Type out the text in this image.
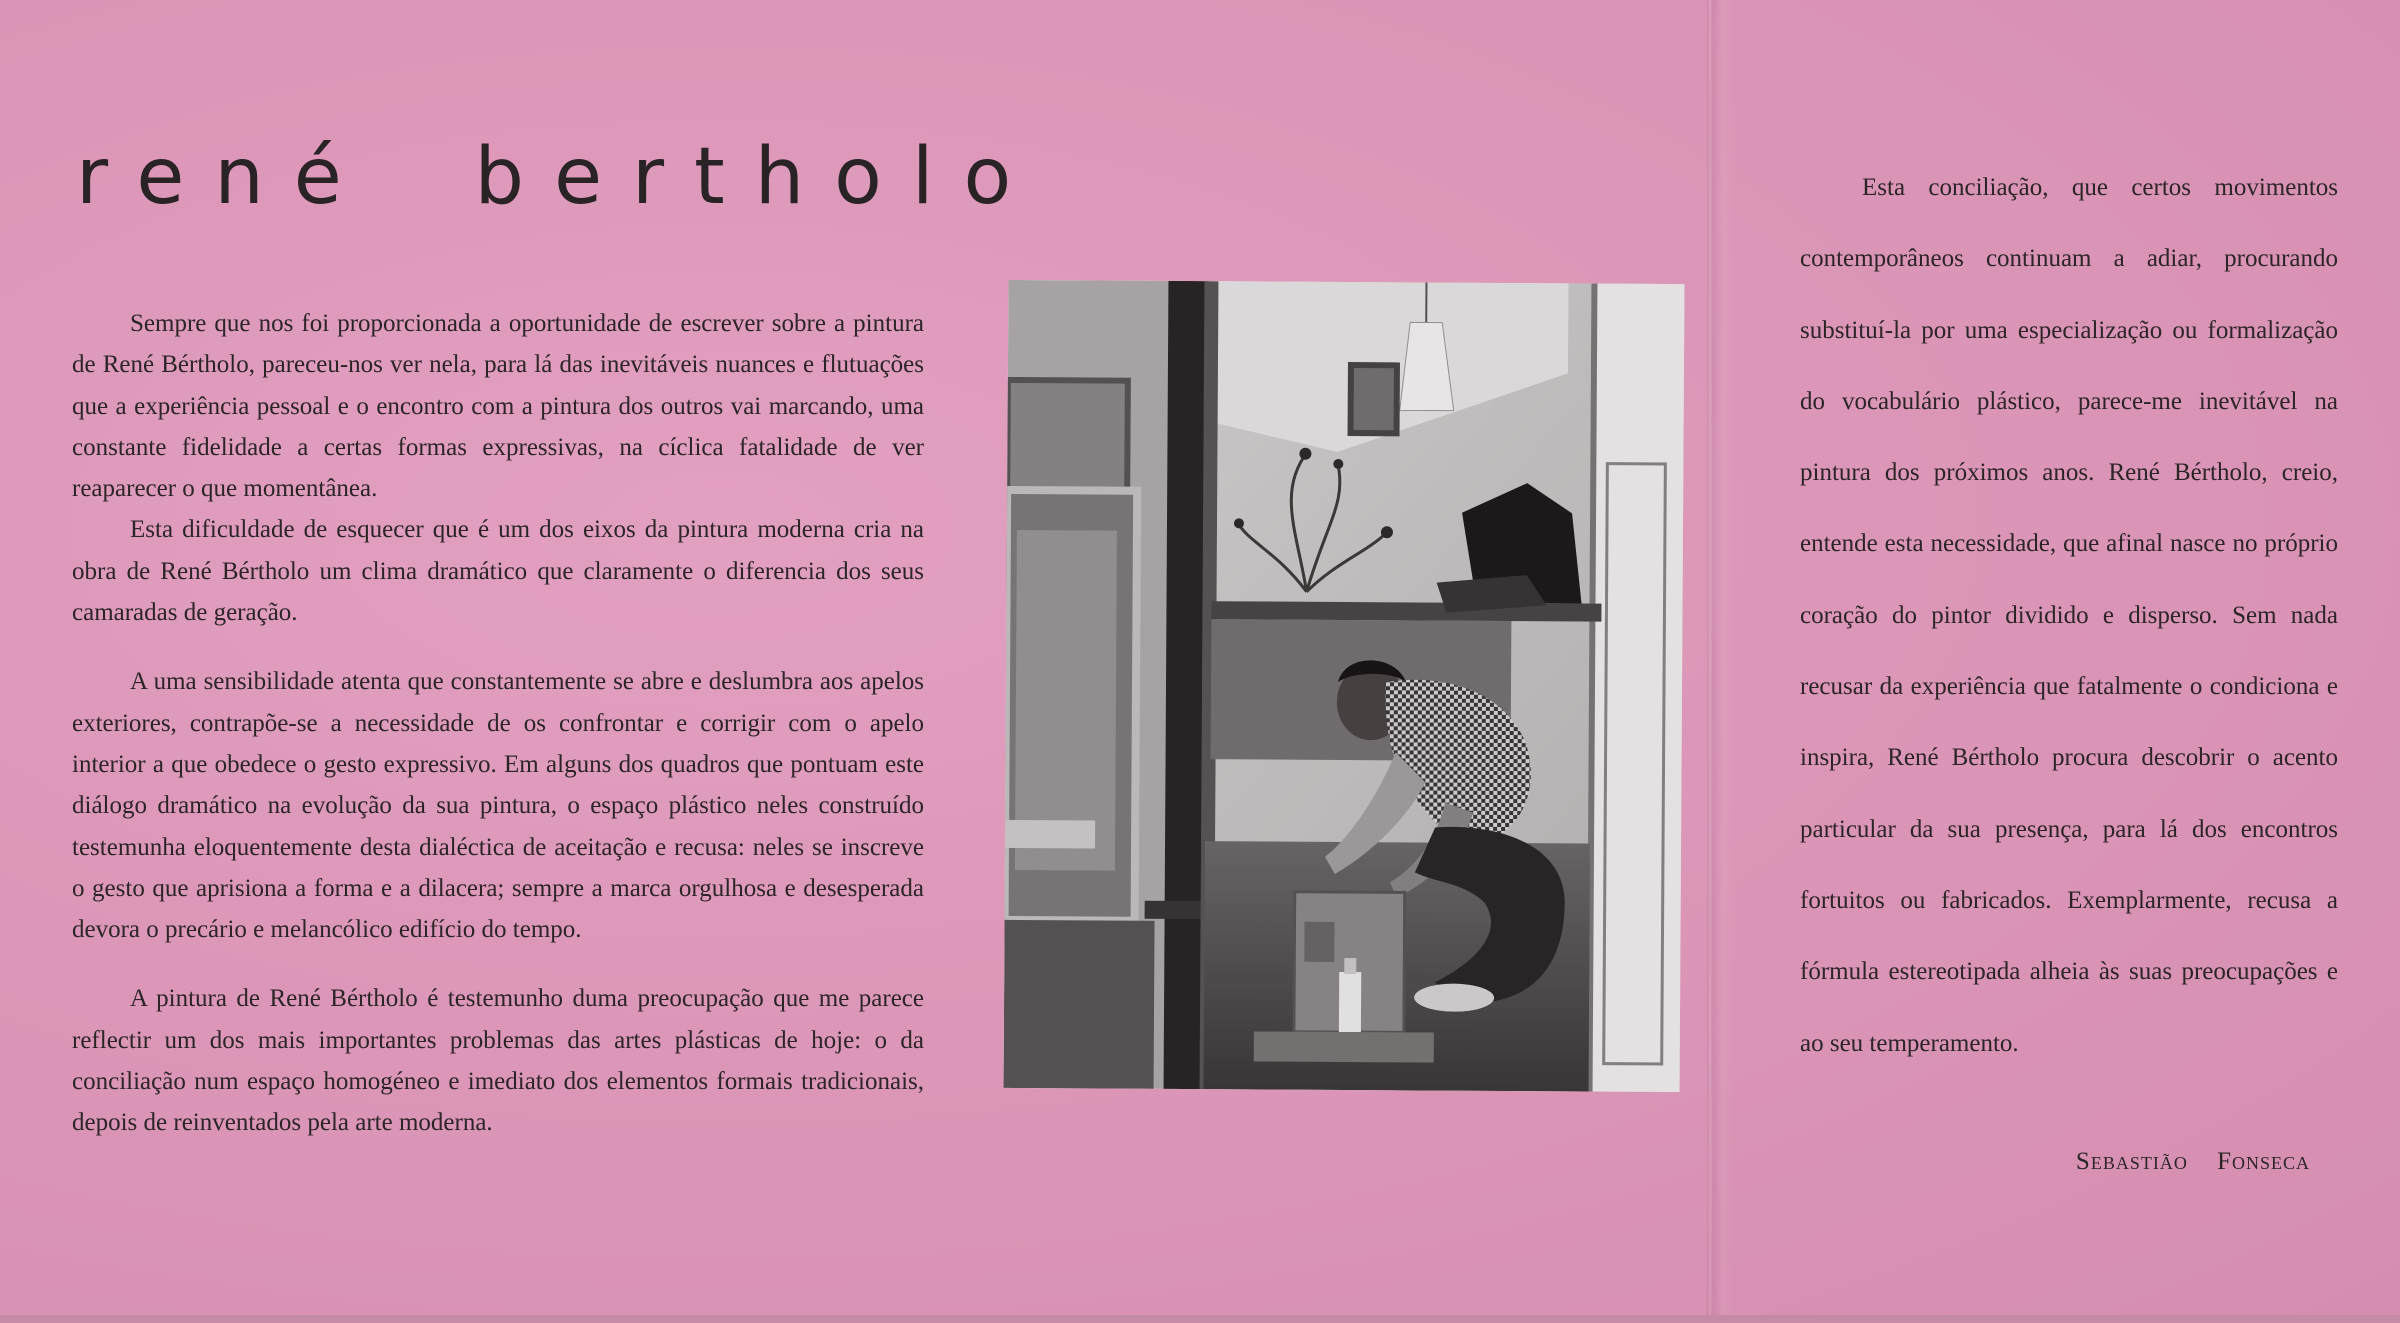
rené bertholo

Sempre que nos foi proporcionada a oportunidade de escrever sobre a pintura de René Bértholo, pareceu-nos ver nela, para lá das inevitáveis nuances e flutuações que a experiência pessoal e o encontro com a pintura dos outros vai marcando, uma constante fidelidade a certas formas expressivas, na cíclica fatalidade de ver reaparecer o que momentânea.

Esta dificuldade de esquecer que é um dos eixos da pintura moderna cria na obra de René Bértholo um clima dramático que claramente o diferencia dos seus camaradas de geração.

A uma sensibilidade atenta que constantemente se abre e deslumbra aos apelos exteriores, contrapõe-se a necessidade de os confrontar e corrigir com o apelo interior a que obedece o gesto expressivo. Em alguns dos quadros que pontuam este diálogo dramático na evolução da sua pintura, o espaço plástico neles construído testemunha eloquentemente desta dialéctica de aceitação e recusa: neles se inscreve o gesto que aprisiona a forma e a dilacera; sempre a marca orgulhosa e desesperada devora o precário e melancólico edifício do tempo.

A pintura de René Bértholo é testemunho duma preocupação que me parece reflectir um dos mais importantes problemas das artes plásticas de hoje: o da conciliação num espaço homogéneo e imediato dos elementos formais tradicionais, depois de reinventados pela arte moderna.

Esta conciliação, que certos movimentos contemporâneos continuam a adiar, procurando substituí-la por uma especialização ou formalização do vocabulário plástico, parece-me inevitável na pintura dos próximos anos. René Bértholo, creio, entende esta necessidade, que afinal nasce no próprio coração do pintor dividido e disperso. Sem nada recusar da experiência que fatalmente o condiciona e inspira, René Bértholo procura descobrir o acento particular da sua presença, para lá dos encontros fortuitos ou fabricados. Exemplarmente, recusa a fórmula estereotipada alheia às suas preocupações e ao seu temperamento.

Sebastião Fonseca
